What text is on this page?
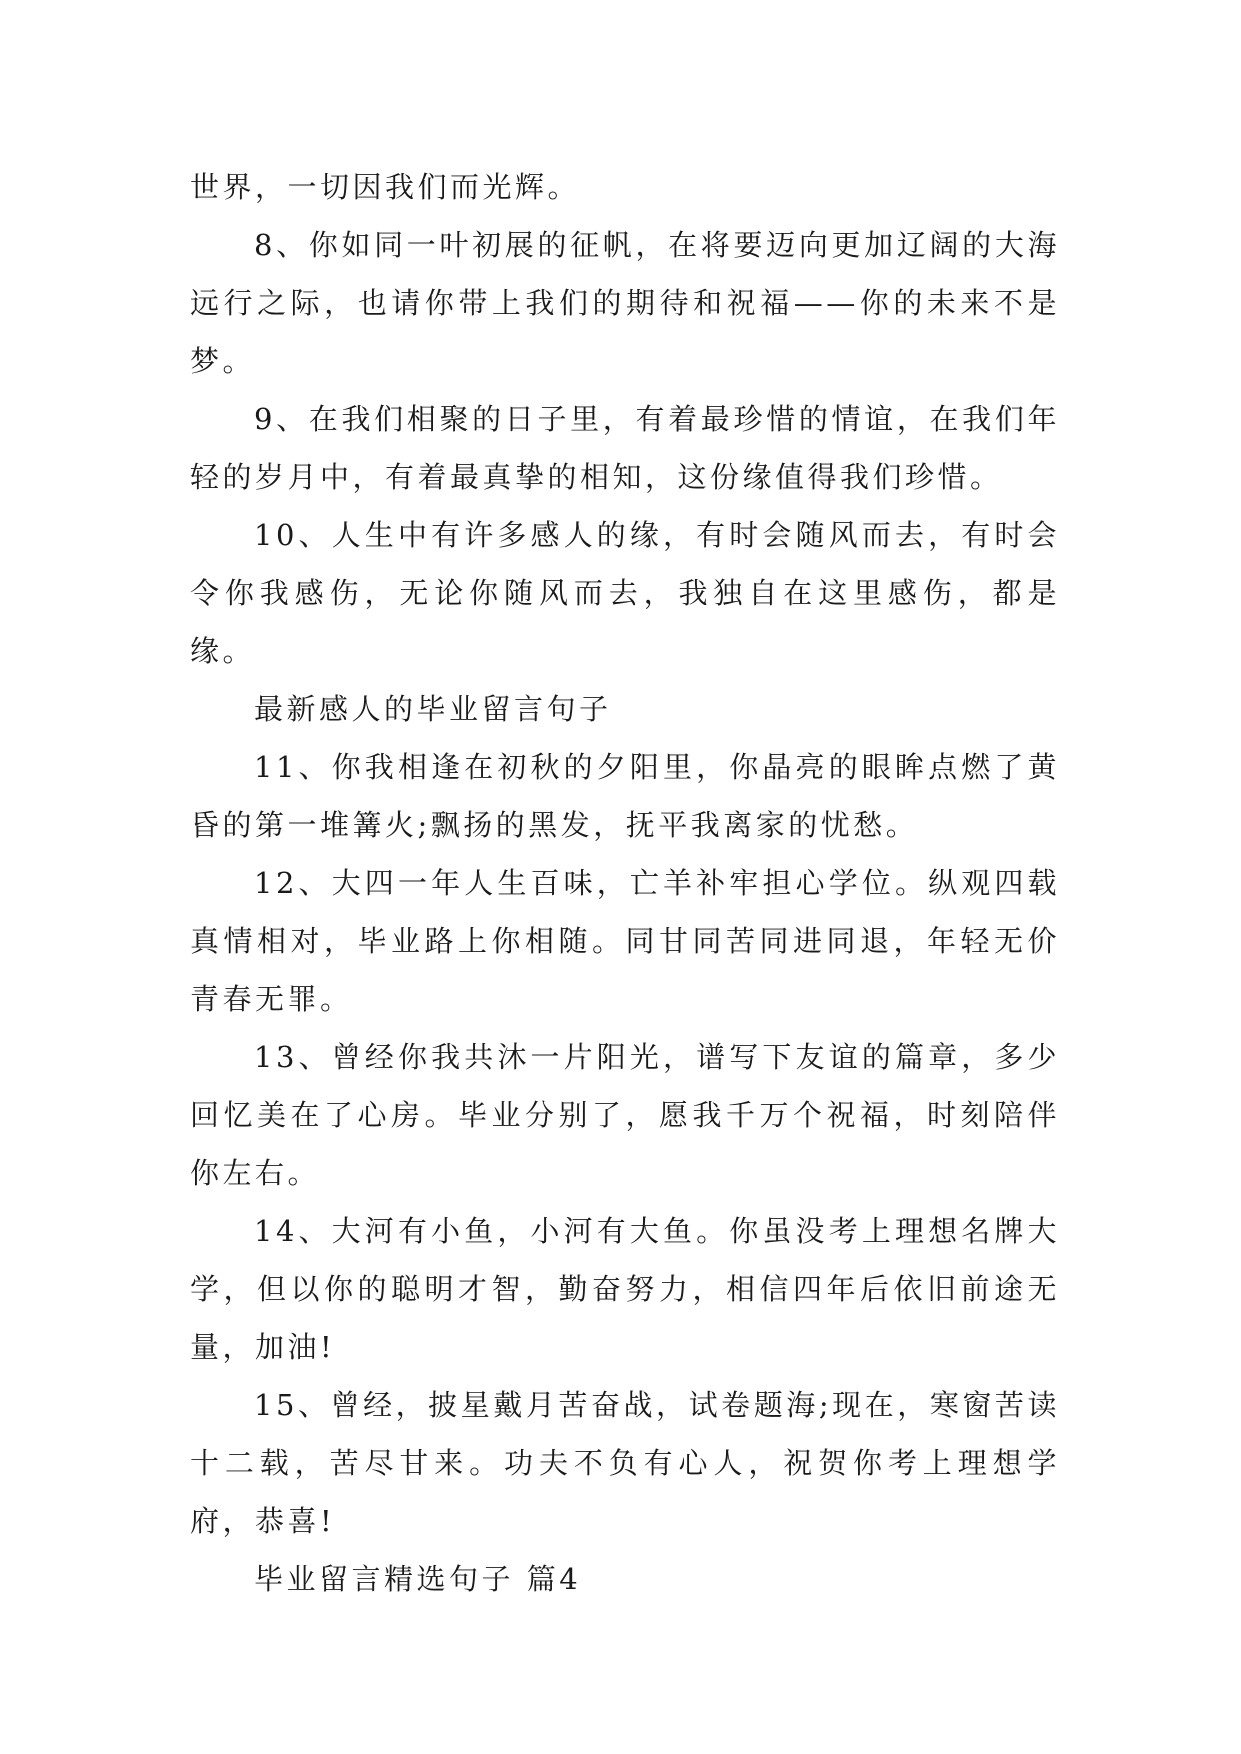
世界，一切因我们而光辉。

8、你如同一叶初展的征帆，在将要迈向更加辽阔的大海远行之际，也请你带上我们的期待和祝福——你的未来不是梦。

9、在我们相聚的日子里，有着最珍惜的情谊，在我们年轻的岁月中，有着最真挚的相知，这份缘值得我们珍惜。

10、人生中有许多感人的缘，有时会随风而去，有时会令你我感伤，无论你随风而去，我独自在这里感伤，都是缘。

最新感人的毕业留言句子

11、你我相逢在初秋的夕阳里，你晶亮的眼眸点燃了黄昏的第一堆篝火;飘扬的黑发，抚平我离家的忧愁。

12、大四一年人生百味，亡羊补牢担心学位。纵观四载真情相对，毕业路上你相随。同甘同苦同进同退，年轻无价青春无罪。

13、曾经你我共沐一片阳光，谱写下友谊的篇章，多少回忆美在了心房。毕业分别了，愿我千万个祝福，时刻陪伴你左右。

14、大河有小鱼，小河有大鱼。你虽没考上理想名牌大学，但以你的聪明才智，勤奋努力，相信四年后依旧前途无量，加油!

15、曾经，披星戴月苦奋战，试卷题海;现在，寒窗苦读十二载，苦尽甘来。功夫不负有心人，祝贺你考上理想学府，恭喜!

毕业留言精选句子 篇4
